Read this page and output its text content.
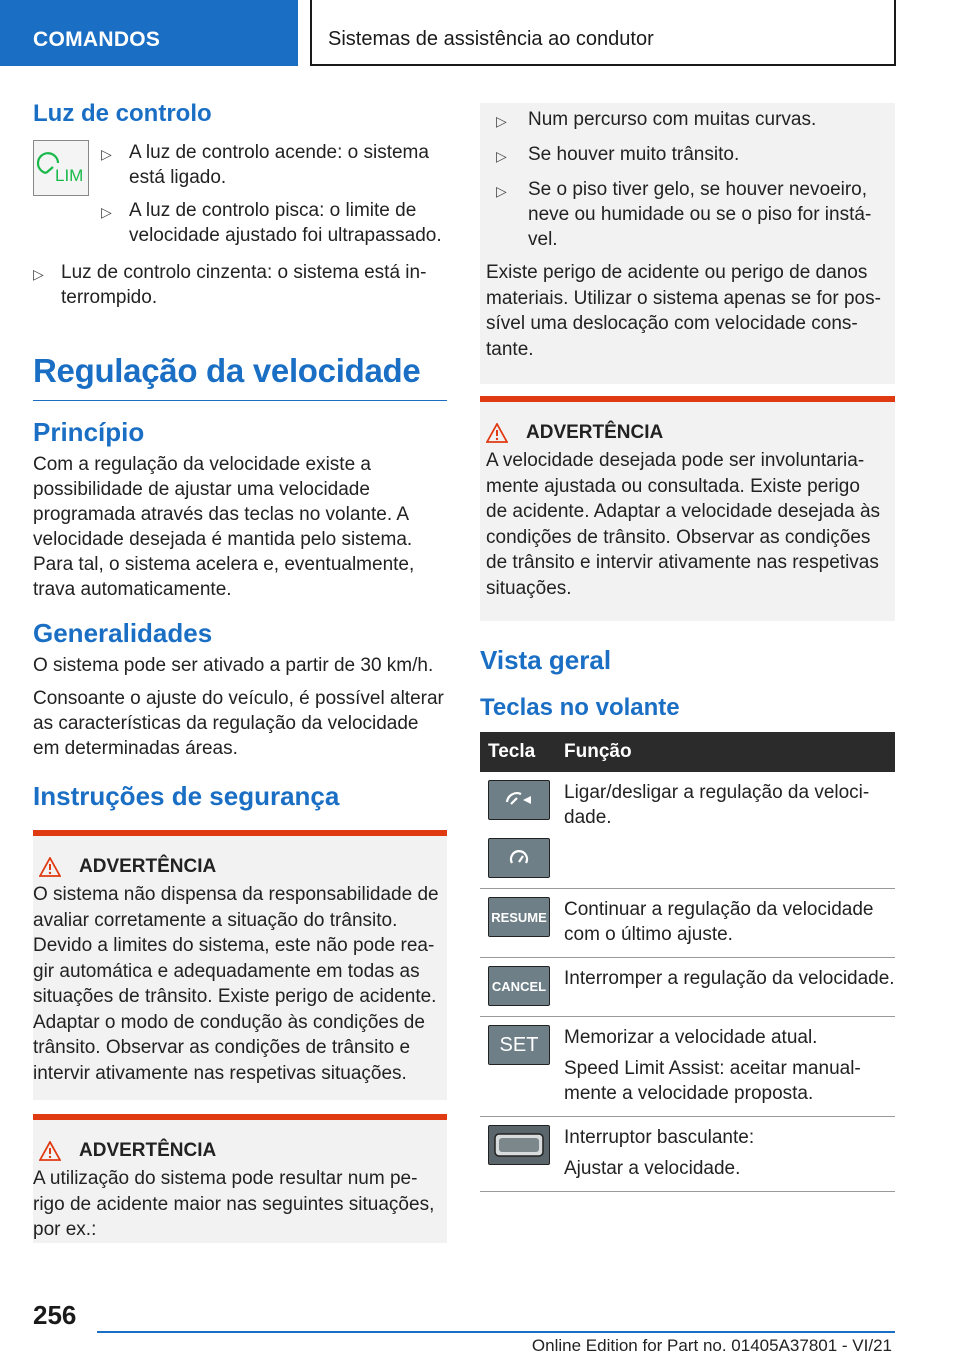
COMANDOS	Sistemas de assistência ao condutor
Luz de controlo
LIM
▷ A luz de controlo acende: o sistema está ligado.
▷ A luz de controlo pisca: o limite de velocidade ajustado foi ultrapassado.
▷ Luz de controlo cinzenta: o sistema está interrompido.
Regulação da velocidade
Princípio

Com a regulação da velocidade existe a possibilidade de ajustar uma velocidade programada através das teclas no volante. A velocidade desejada é mantida pelo sistema. Para tal, o sistema acelera e, eventualmente, trava automaticamente.

Generalidades

O sistema pode ser ativado a partir de 30 km/h.

Consoante o ajuste do veículo, é possível alterar as características da regulação da velocidade em determinadas áreas.

Instruções de segurança
ADVERTÊNCIA

O sistema não dispensa da responsabilidade de avaliar corretamente a situação do trânsito. Devido a limites do sistema, este não pode reagir automática e adequadamente em todas as situações de trânsito. Existe perigo de acidente. Adaptar o modo de condução às condições de trânsito. Observar as condições de trânsito e intervir ativamente nas respetivas situações.

ADVERTÊNCIA

A utilização do sistema pode resultar num perigo de acidente maior nas seguintes situações, por ex.:

▷	Num percurso com muitas curvas.
▷	Se houver muito trânsito.
▷	Se o piso tiver gelo, se houver nevoeiro, neve ou humidade ou se o piso for instável.

Existe perigo de acidente ou perigo de danos materiais. Utilizar o sistema apenas se for possível uma deslocação com velocidade constante.

ADVERTÊNCIA

A velocidade desejada pode ser involuntariamente ajustada ou consultada. Existe perigo de acidente. Adaptar a velocidade desejada às condições de trânsito. Observar as condições de trânsito e intervir ativamente nas respetivas situações.

Vista geral
Teclas no volante
Tecla	Função

	Ligar/desligar a regulação da velocidade.

RESUME	Continuar a regulação da velocidade com o último ajuste.

CANCEL	Interromper a regulação da velocidade.

SET	Memorizar a velocidade atual.
Speed Limit Assist: aceitar manualmente a velocidade proposta.

Interruptor basculante:
Ajustar a velocidade.
256
Online Edition for Part no. 01405A37801 - VI/21
